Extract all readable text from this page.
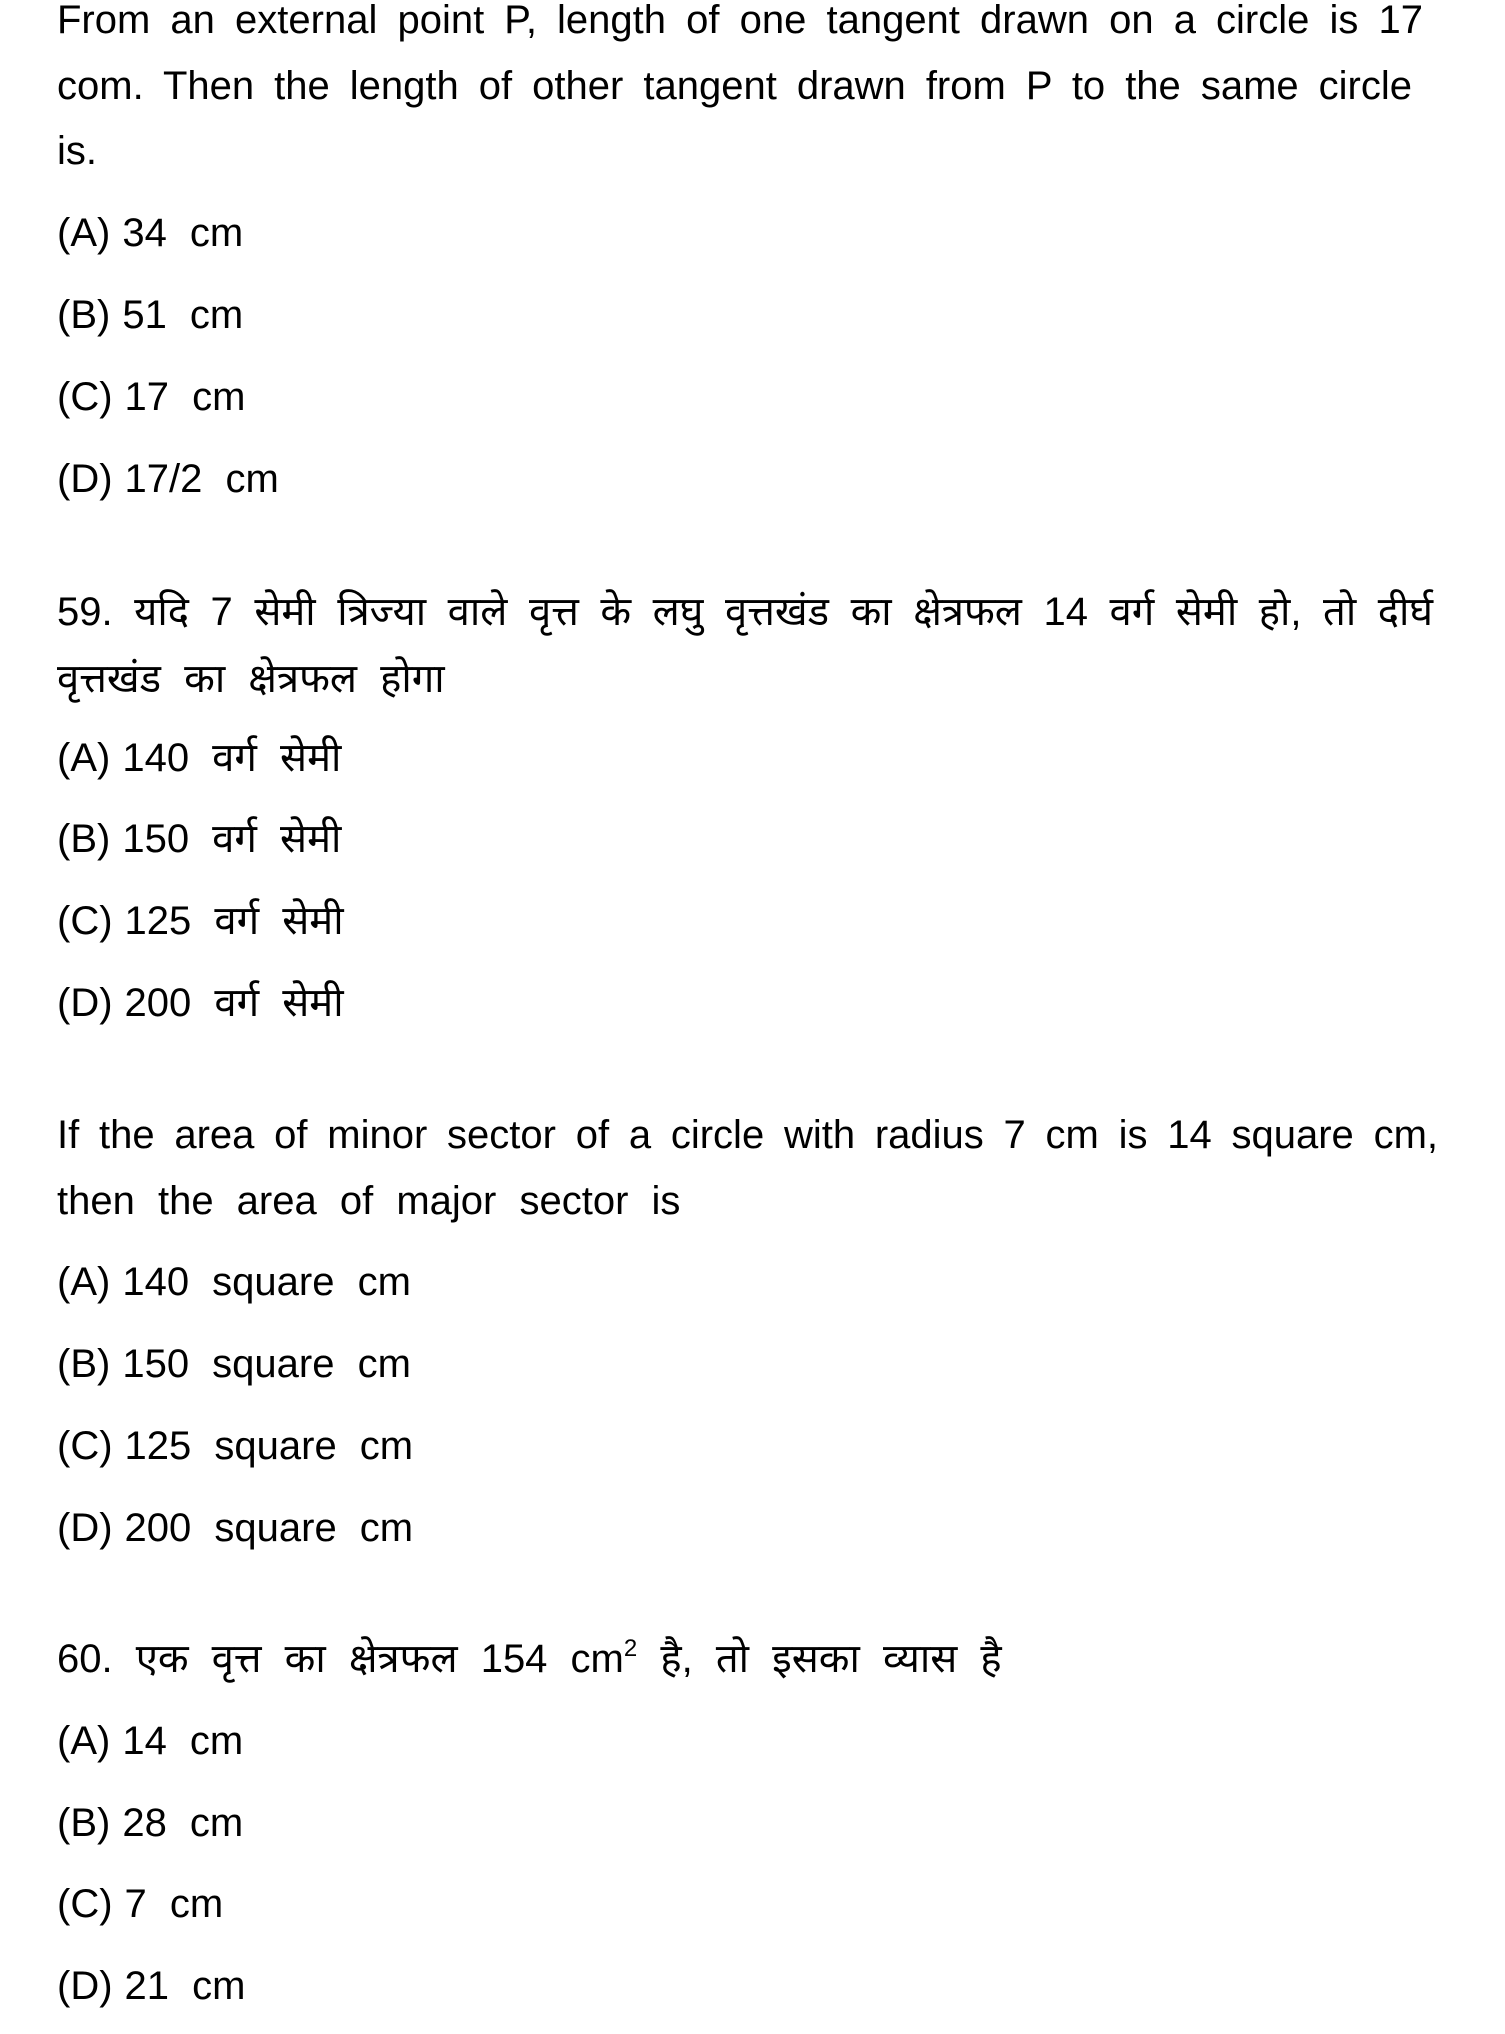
From an external point P, length of one tangent drawn on a circle is 17
com. Then the length of other tangent drawn from P to the same circle
is.
(A) 34 cm
(B) 51 cm
(C) 17 cm
(D) 17/2 cm
59. यदि 7 सेमी त्रिज्या वाले वृत्त के लघु वृत्तखंड का क्षेत्रफल 14 वर्ग सेमी हो, तो दीर्घ
वृत्तखंड का क्षेत्रफल होगा
(A) 140 वर्ग सेमी
(B) 150 वर्ग सेमी
(C) 125 वर्ग सेमी
(D) 200 वर्ग सेमी
If the area of minor sector of a circle with radius 7 cm is 14 square cm,
then the area of major sector is
(A) 140 square cm
(B) 150 square cm
(C) 125 square cm
(D) 200 square cm
60. एक वृत्त का क्षेत्रफल 154 $cm^2$ है, तो इसका व्यास है
(A) 14 cm
(B) 28 cm
(C) 7 cm
(D) 21 cm
